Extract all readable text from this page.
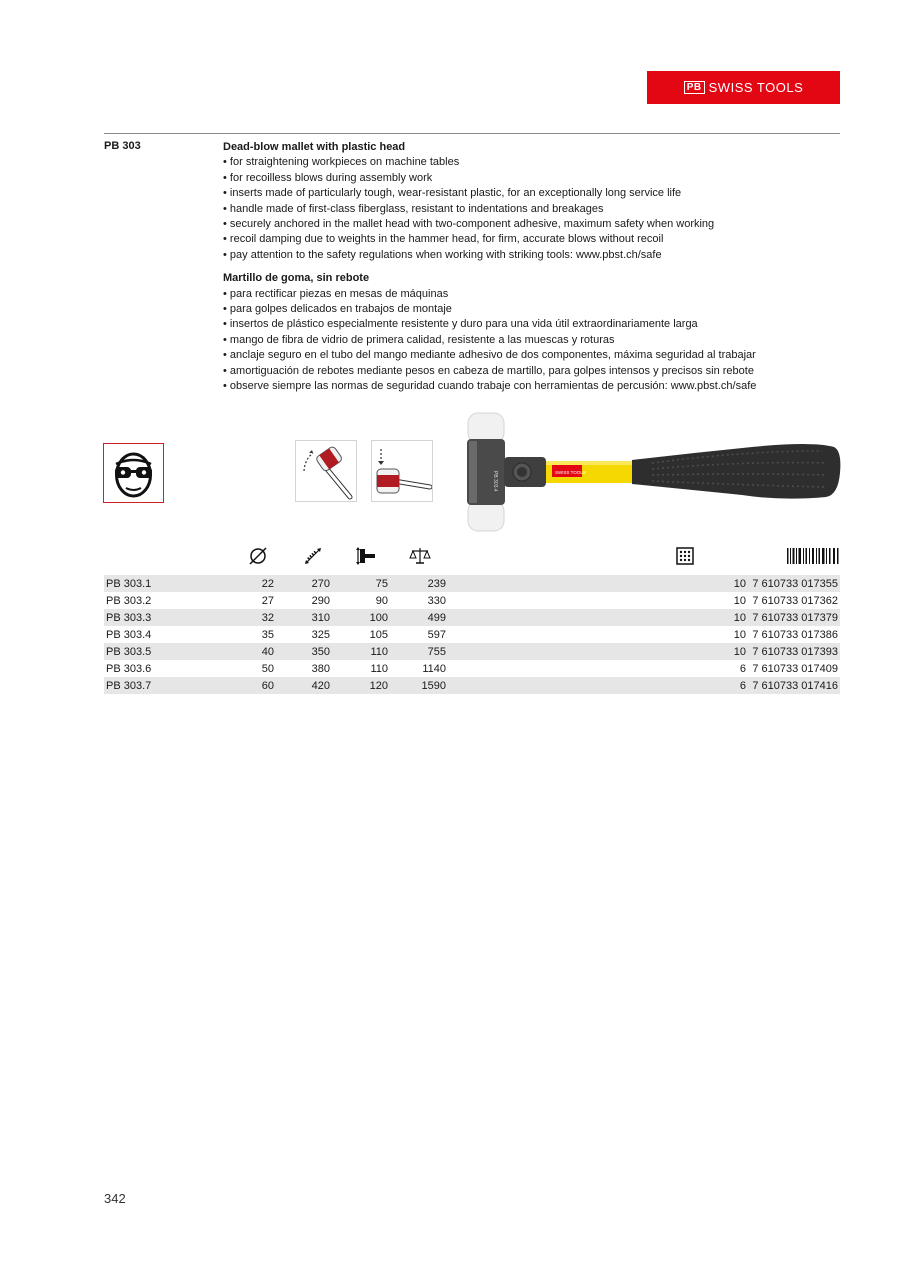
PB SWISS TOOLS
PB 303	Dead-blow mallet with plastic head
• for straightening workpieces on machine tables
• for recoilless blows during assembly work
• inserts made of particularly tough, wear-resistant plastic, for an exceptionally long service life
• handle made of first-class fiberglass, resistant to indentations and breakages
• securely anchored in the mallet head with two-component adhesive, maximum safety when working
• recoil damping due to weights in the hammer head, for firm, accurate blows without recoil
• pay attention to the safety regulations when working with striking tools: www.pbst.ch/safe
Martillo de goma, sin rebote
• para rectificar piezas en mesas de máquinas
• para golpes delicados en trabajos de montaje
• insertos de plástico especialmente resistente y duro para una vida útil extraordinariamente larga
• mango de fibra de vidrio de primera calidad, resistente a las muescas y roturas
• anclaje seguro en el tubo del mango mediante adhesivo de dos componentes, máxima seguridad al trabajar
• amortiguación de rebotes mediante pesos en cabeza de martillo, para golpes intensos y precisos sin rebote
• observe siempre las normas de seguridad cuando trabaje con herramientas de percusión: www.pbst.ch/safe
PB 303.4	SWISS TOOLS
PB 303.1	22	270	75	239		10	7 610733 017355
PB 303.2	27	290	90	330		10	7 610733 017362
PB 303.3	32	310	100	499		10	7 610733 017379
PB 303.4	35	325	105	597		10	7 610733 017386
PB 303.5	40	350	110	755		10	7 610733 017393
PB 303.6	50	380	110	1140		6	7 610733 017409
PB 303.7	60	420	120	1590		6	7 610733 017416
342
